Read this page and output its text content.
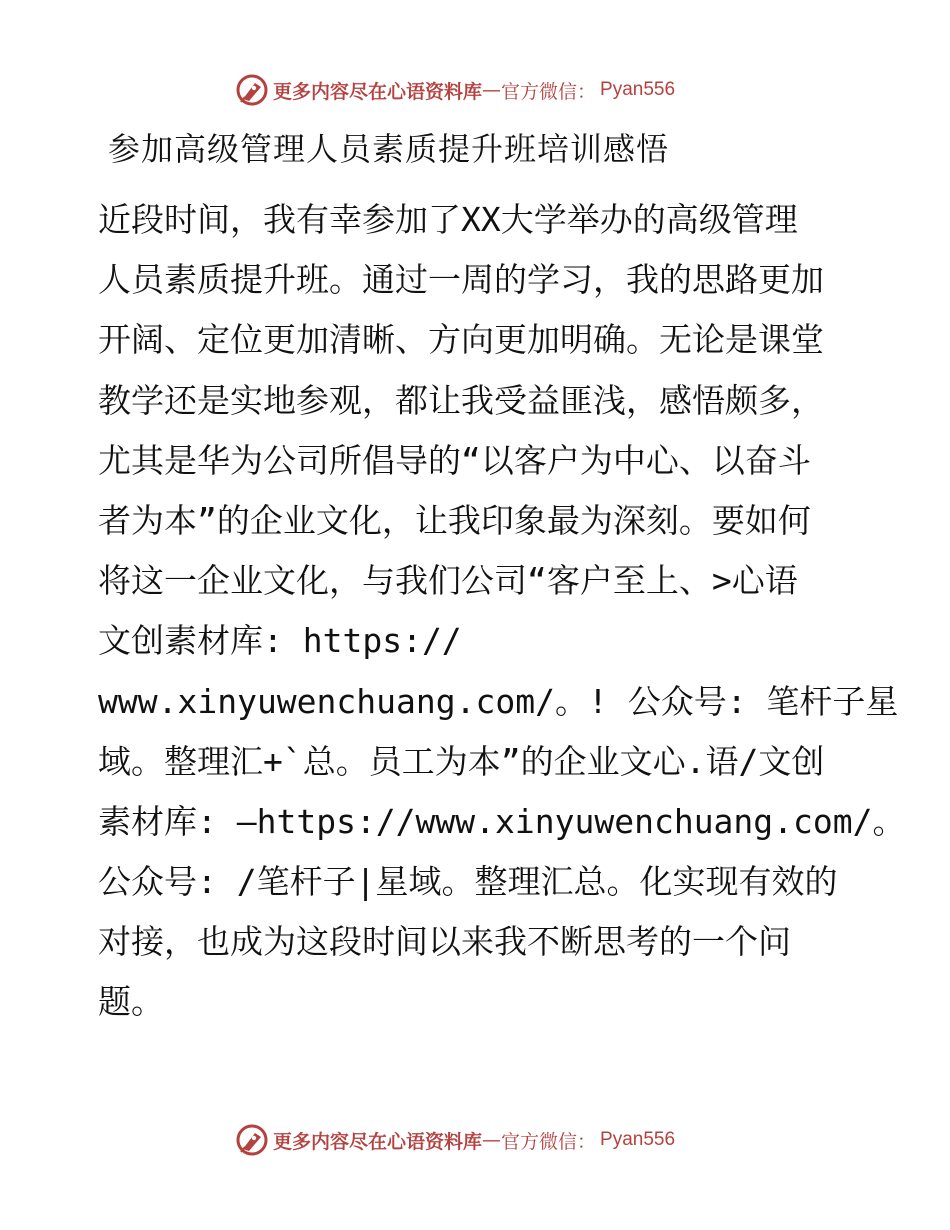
更多内容尽在心语资料库 — 官方微信： Pyan556
参加高级管理人员素质提升班培训感悟
近段时间，我有幸参加了XX大学举办的高级管理
人员素质提升班。通过一周的学习，我的思路更加
开阔、定位更加清晰、方向更加明确。无论是课堂
教学还是实地参观，都让我受益匪浅，感悟颇多，
尤其是华为公司所倡导的“以客户为中心、以奋斗
者为本”的企业文化，让我印象最为深刻。要如何
将这一企业文化，与我们公司“客户至上、>心语
文创素材库: https://
www.xinyuwenchuang.com/。! 公众号: 笔杆子星
域。整理汇+`总。员工为本”的企业文心.语/文创
素材库: —https://www.xinyuwenchuang.com/。
公众号: /笔杆子|星域。整理汇总。化实现有效的
对接，也成为这段时间以来我不断思考的一个问
题。
更多内容尽在心语资料库 — 官方微信： Pyan556
